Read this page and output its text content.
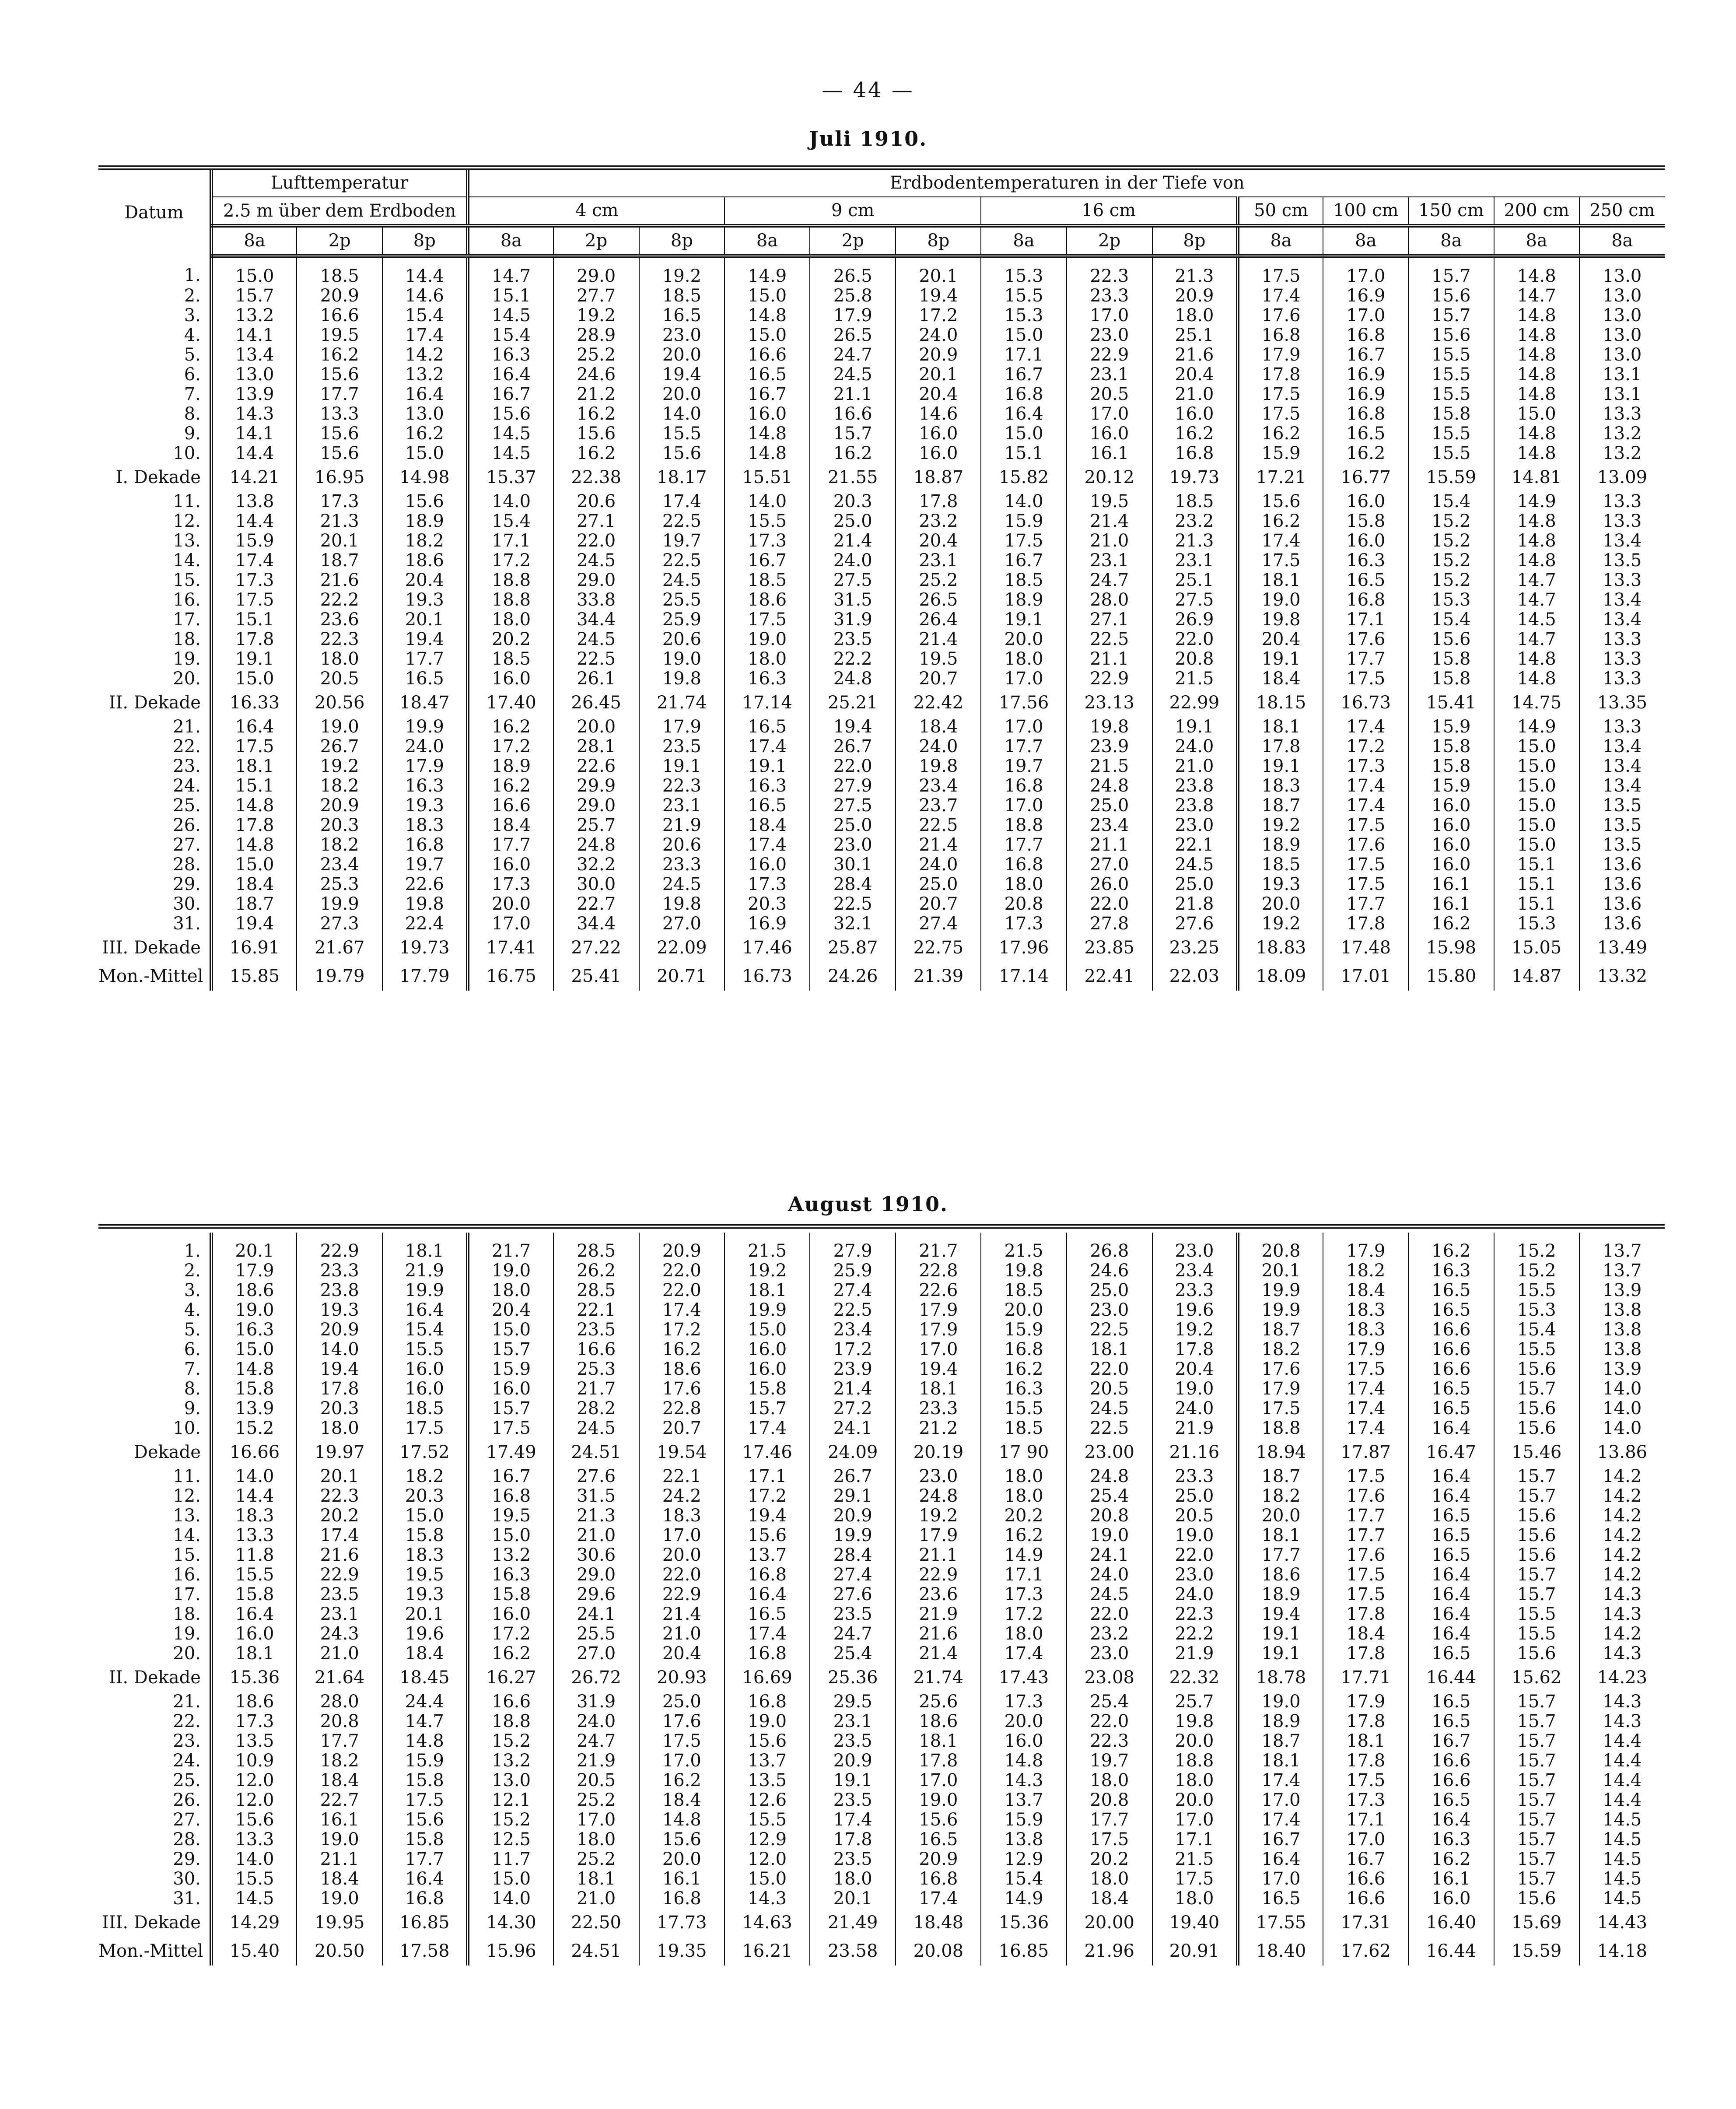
— 44 —
Juli 1910.
Datum	Lufttemperatur			Erdbodentemperaturen in der Tiefe von													
	2.5 m über dem Erdboden			4 cm			9 cm			16 cm			50 cm	100 cm	150 cm	200 cm	250 cm
	8a	2p	8p	8a	2p	8p	8a	2p	8p	8a	2p	8p	8a	8a	8a	8a	8a
1.	15.0	18.5	14.4	14.7	29.0	19.2	14.9	26.5	20.1	15.3	22.3	21.3	17.5	17.0	15.7	14.8	13.0
2.	15.7	20.9	14.6	15.1	27.7	18.5	15.0	25.8	19.4	15.5	23.3	20.9	17.4	16.9	15.6	14.7	13.0
3.	13.2	16.6	15.4	14.5	19.2	16.5	14.8	17.9	17.2	15.3	17.0	18.0	17.6	17.0	15.7	14.8	13.0
4.	14.1	19.5	17.4	15.4	28.9	23.0	15.0	26.5	24.0	15.0	23.0	25.1	16.8	16.8	15.6	14.8	13.0
5.	13.4	16.2	14.2	16.3	25.2	20.0	16.6	24.7	20.9	17.1	22.9	21.6	17.9	16.7	15.5	14.8	13.0
6.	13.0	15.6	13.2	16.4	24.6	19.4	16.5	24.5	20.1	16.7	23.1	20.4	17.8	16.9	15.5	14.8	13.1
7.	13.9	17.7	16.4	16.7	21.2	20.0	16.7	21.1	20.4	16.8	20.5	21.0	17.5	16.9	15.5	14.8	13.1
8.	14.3	13.3	13.0	15.6	16.2	14.0	16.0	16.6	14.6	16.4	17.0	16.0	17.5	16.8	15.8	15.0	13.3
9.	14.1	15.6	16.2	14.5	15.6	15.5	14.8	15.7	16.0	15.0	16.0	16.2	16.2	16.5	15.5	14.8	13.2
10.	14.4	15.6	15.0	14.5	16.2	15.6	14.8	16.2	16.0	15.1	16.1	16.8	15.9	16.2	15.5	14.8	13.2
I. Dekade	14.21	16.95	14.98	15.37	22.38	18.17	15.51	21.55	18.87	15.82	20.12	19.73	17.21	16.77	15.59	14.81	13.09
11.	13.8	17.3	15.6	14.0	20.6	17.4	14.0	20.3	17.8	14.0	19.5	18.5	15.6	16.0	15.4	14.9	13.3
12.	14.4	21.3	18.9	15.4	27.1	22.5	15.5	25.0	23.2	15.9	21.4	23.2	16.2	15.8	15.2	14.8	13.3
13.	15.9	20.1	18.2	17.1	22.0	19.7	17.3	21.4	20.4	17.5	21.0	21.3	17.4	16.0	15.2	14.8	13.4
14.	17.4	18.7	18.6	17.2	24.5	22.5	16.7	24.0	23.1	16.7	23.1	23.1	17.5	16.3	15.2	14.8	13.5
15.	17.3	21.6	20.4	18.8	29.0	24.5	18.5	27.5	25.2	18.5	24.7	25.1	18.1	16.5	15.2	14.7	13.3
16.	17.5	22.2	19.3	18.8	33.8	25.5	18.6	31.5	26.5	18.9	28.0	27.5	19.0	16.8	15.3	14.7	13.4
17.	15.1	23.6	20.1	18.0	34.4	25.9	17.5	31.9	26.4	19.1	27.1	26.9	19.8	17.1	15.4	14.5	13.4
18.	17.8	22.3	19.4	20.2	24.5	20.6	19.0	23.5	21.4	20.0	22.5	22.0	20.4	17.6	15.6	14.7	13.3
19.	19.1	18.0	17.7	18.5	22.5	19.0	18.0	22.2	19.5	18.0	21.1	20.8	19.1	17.7	15.8	14.8	13.3
20.	15.0	20.5	16.5	16.0	26.1	19.8	16.3	24.8	20.7	17.0	22.9	21.5	18.4	17.5	15.8	14.8	13.3
II. Dekade	16.33	20.56	18.47	17.40	26.45	21.74	17.14	25.21	22.42	17.56	23.13	22.99	18.15	16.73	15.41	14.75	13.35
21.	16.4	19.0	19.9	16.2	20.0	17.9	16.5	19.4	18.4	17.0	19.8	19.1	18.1	17.4	15.9	14.9	13.3
22.	17.5	26.7	24.0	17.2	28.1	23.5	17.4	26.7	24.0	17.7	23.9	24.0	17.8	17.2	15.8	15.0	13.4
23.	18.1	19.2	17.9	18.9	22.6	19.1	19.1	22.0	19.8	19.7	21.5	21.0	19.1	17.3	15.8	15.0	13.4
24.	15.1	18.2	16.3	16.2	29.9	22.3	16.3	27.9	23.4	16.8	24.8	23.8	18.3	17.4	15.9	15.0	13.4
25.	14.8	20.9	19.3	16.6	29.0	23.1	16.5	27.5	23.7	17.0	25.0	23.8	18.7	17.4	16.0	15.0	13.5
26.	17.8	20.3	18.3	18.4	25.7	21.9	18.4	25.0	22.5	18.8	23.4	23.0	19.2	17.5	16.0	15.0	13.5
27.	14.8	18.2	16.8	17.7	24.8	20.6	17.4	23.0	21.4	17.7	21.1	22.1	18.9	17.6	16.0	15.0	13.5
28.	15.0	23.4	19.7	16.0	32.2	23.3	16.0	30.1	24.0	16.8	27.0	24.5	18.5	17.5	16.0	15.1	13.6
29.	18.4	25.3	22.6	17.3	30.0	24.5	17.3	28.4	25.0	18.0	26.0	25.0	19.3	17.5	16.1	15.1	13.6
30.	18.7	19.9	19.8	20.0	22.7	19.8	20.3	22.5	20.7	20.8	22.0	21.8	20.0	17.7	16.1	15.1	13.6
31.	19.4	27.3	22.4	17.0	34.4	27.0	16.9	32.1	27.4	17.3	27.8	27.6	19.2	17.8	16.2	15.3	13.6
III. Dekade	16.91	21.67	19.73	17.41	27.22	22.09	17.46	25.87	22.75	17.96	23.85	23.25	18.83	17.48	15.98	15.05	13.49
Mon.-Mittel	15.85	19.79	17.79	16.75	25.41	20.71	16.73	24.26	21.39	17.14	22.41	22.03	18.09	17.01	15.80	14.87	13.32
August 1910.

1.	20.1	22.9	18.1	21.7	28.5	20.9	21.5	27.9	21.7	21.5	26.8	23.0	20.8	17.9	16.2	15.2	13.7
2.	17.9	23.3	21.9	19.0	26.2	22.0	19.2	25.9	22.8	19.8	24.6	23.4	20.1	18.2	16.3	15.2	13.7
3.	18.6	23.8	19.9	18.0	28.5	22.0	18.1	27.4	22.6	18.5	25.0	23.3	19.9	18.4	16.5	15.5	13.9
4.	19.0	19.3	16.4	20.4	22.1	17.4	19.9	22.5	17.9	20.0	23.0	19.6	19.9	18.3	16.5	15.3	13.8
5.	16.3	20.9	15.4	15.0	23.5	17.2	15.0	23.4	17.9	15.9	22.5	19.2	18.7	18.3	16.6	15.4	13.8
6.	15.0	14.0	15.5	15.7	16.6	16.2	16.0	17.2	17.0	16.8	18.1	17.8	18.2	17.9	16.6	15.5	13.8
7.	14.8	19.4	16.0	15.9	25.3	18.6	16.0	23.9	19.4	16.2	22.0	20.4	17.6	17.5	16.6	15.6	13.9
8.	15.8	17.8	16.0	16.0	21.7	17.6	15.8	21.4	18.1	16.3	20.5	19.0	17.9	17.4	16.5	15.7	14.0
9.	13.9	20.3	18.5	15.7	28.2	22.8	15.7	27.2	23.3	15.5	24.5	24.0	17.5	17.4	16.5	15.6	14.0
10.	15.2	18.0	17.5	17.5	24.5	20.7	17.4	24.1	21.2	18.5	22.5	21.9	18.8	17.4	16.4	15.6	14.0
Dekade	16.66	19.97	17.52	17.49	24.51	19.54	17.46	24.09	20.19	17 90	23.00	21.16	18.94	17.87	16.47	15.46	13.86
11.	14.0	20.1	18.2	16.7	27.6	22.1	17.1	26.7	23.0	18.0	24.8	23.3	18.7	17.5	16.4	15.7	14.2
12.	14.4	22.3	20.3	16.8	31.5	24.2	17.2	29.1	24.8	18.0	25.4	25.0	18.2	17.6	16.4	15.7	14.2
13.	18.3	20.2	15.0	19.5	21.3	18.3	19.4	20.9	19.2	20.2	20.8	20.5	20.0	17.7	16.5	15.6	14.2
14.	13.3	17.4	15.8	15.0	21.0	17.0	15.6	19.9	17.9	16.2	19.0	19.0	18.1	17.7	16.5	15.6	14.2
15.	11.8	21.6	18.3	13.2	30.6	20.0	13.7	28.4	21.1	14.9	24.1	22.0	17.7	17.6	16.5	15.6	14.2
16.	15.5	22.9	19.5	16.3	29.0	22.0	16.8	27.4	22.9	17.1	24.0	23.0	18.6	17.5	16.4	15.7	14.2
17.	15.8	23.5	19.3	15.8	29.6	22.9	16.4	27.6	23.6	17.3	24.5	24.0	18.9	17.5	16.4	15.7	14.3
18.	16.4	23.1	20.1	16.0	24.1	21.4	16.5	23.5	21.9	17.2	22.0	22.3	19.4	17.8	16.4	15.5	14.3
19.	16.0	24.3	19.6	17.2	25.5	21.0	17.4	24.7	21.6	18.0	23.2	22.2	19.1	18.4	16.4	15.5	14.2
20.	18.1	21.0	18.4	16.2	27.0	20.4	16.8	25.4	21.4	17.4	23.0	21.9	19.1	17.8	16.5	15.6	14.3
II. Dekade	15.36	21.64	18.45	16.27	26.72	20.93	16.69	25.36	21.74	17.43	23.08	22.32	18.78	17.71	16.44	15.62	14.23
21.	18.6	28.0	24.4	16.6	31.9	25.0	16.8	29.5	25.6	17.3	25.4	25.7	19.0	17.9	16.5	15.7	14.3
22.	17.3	20.8	14.7	18.8	24.0	17.6	19.0	23.1	18.6	20.0	22.0	19.8	18.9	17.8	16.5	15.7	14.3
23.	13.5	17.7	14.8	15.2	24.7	17.5	15.6	23.5	18.1	16.0	22.3	20.0	18.7	18.1	16.7	15.7	14.4
24.	10.9	18.2	15.9	13.2	21.9	17.0	13.7	20.9	17.8	14.8	19.7	18.8	18.1	17.8	16.6	15.7	14.4
25.	12.0	18.4	15.8	13.0	20.5	16.2	13.5	19.1	17.0	14.3	18.0	18.0	17.4	17.5	16.6	15.7	14.4
26.	12.0	22.7	17.5	12.1	25.2	18.4	12.6	23.5	19.0	13.7	20.8	20.0	17.0	17.3	16.5	15.7	14.4
27.	15.6	16.1	15.6	15.2	17.0	14.8	15.5	17.4	15.6	15.9	17.7	17.0	17.4	17.1	16.4	15.7	14.5
28.	13.3	19.0	15.8	12.5	18.0	15.6	12.9	17.8	16.5	13.8	17.5	17.1	16.7	17.0	16.3	15.7	14.5
29.	14.0	21.1	17.7	11.7	25.2	20.0	12.0	23.5	20.9	12.9	20.2	21.5	16.4	16.7	16.2	15.7	14.5
30.	15.5	18.4	16.4	15.0	18.1	16.1	15.0	18.0	16.8	15.4	18.0	17.5	17.0	16.6	16.1	15.7	14.5
31.	14.5	19.0	16.8	14.0	21.0	16.8	14.3	20.1	17.4	14.9	18.4	18.0	16.5	16.6	16.0	15.6	14.5
III. Dekade	14.29	19.95	16.85	14.30	22.50	17.73	14.63	21.49	18.48	15.36	20.00	19.40	17.55	17.31	16.40	15.69	14.43
Mon.-Mittel	15.40	20.50	17.58	15.96	24.51	19.35	16.21	23.58	20.08	16.85	21.96	20.91	18.40	17.62	16.44	15.59	14.18
